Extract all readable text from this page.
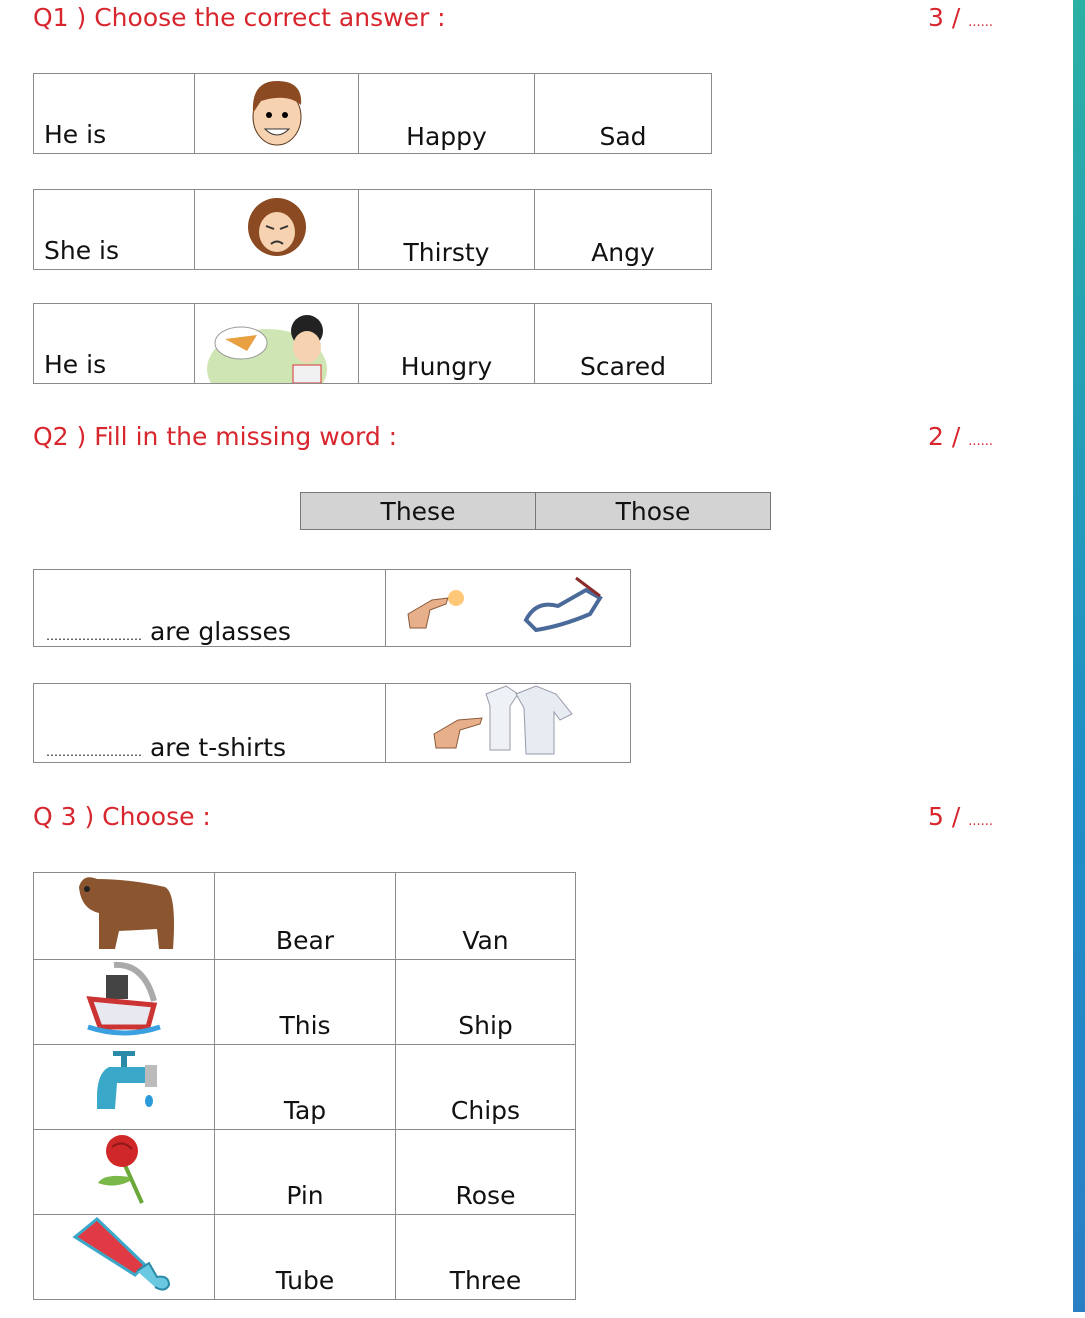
Q1 ) Choose the correct answer :	3 / ......
He is		Happy	Sad
She is		Thirsty	Angy
He is		Hungry	Scared
Q2 ) Fill in the missing word :	2 / ......
These	Those
…………………… are glasses	
…………………… are t-shirts	
Q 3 ) Choose :	5 / ......
	Bear	Van
	This	Ship
	Tap	Chips
	Pin	Rose
	Tube	Three
